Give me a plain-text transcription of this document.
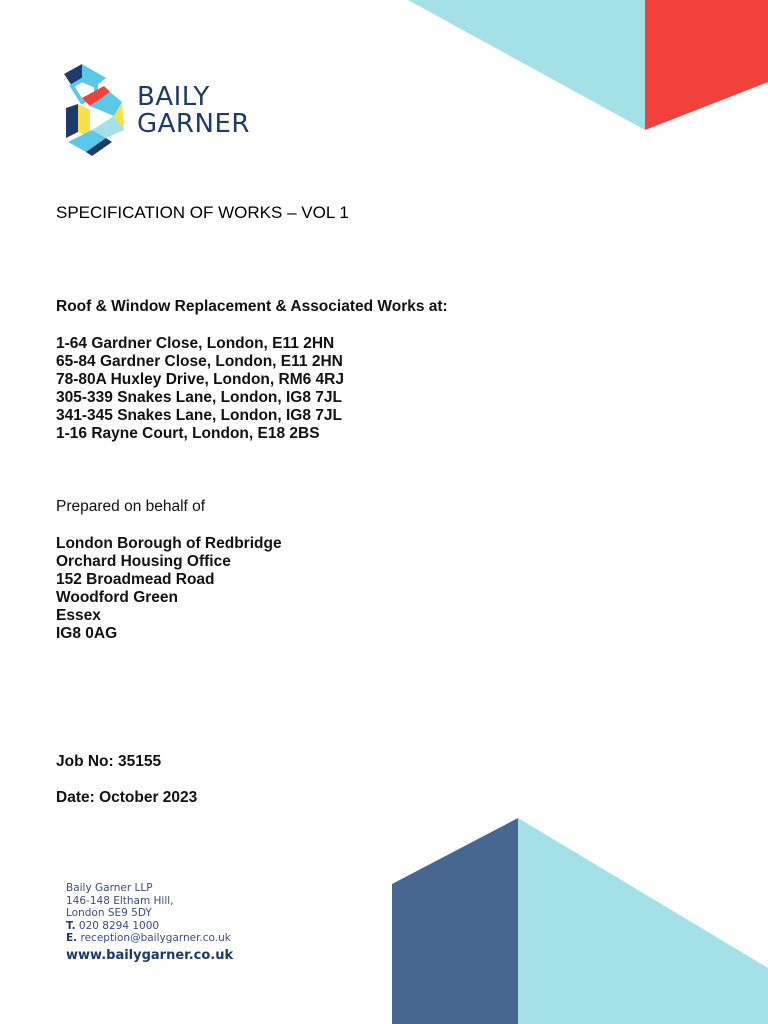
BAILY
GARNER
SPECIFICATION OF WORKS – VOL 1
Roof & Window Replacement & Associated Works at:
1-64 Gardner Close, London, E11 2HN
65-84 Gardner Close, London, E11 2HN
78-80A Huxley Drive, London, RM6 4RJ
305-339 Snakes Lane, London, IG8 7JL
341-345 Snakes Lane, London, IG8 7JL
1-16 Rayne Court, London, E18 2BS
Prepared on behalf of
London Borough of Redbridge
Orchard Housing Office
152 Broadmead Road
Woodford Green
Essex
IG8 0AG
Job No: 35155
Date: October 2023
Baily Garner LLP
146-148 Eltham Hill,
London SE9 5DY
T. 020 8294 1000
E. reception@bailygarner.co.uk
www.bailygarner.co.uk
